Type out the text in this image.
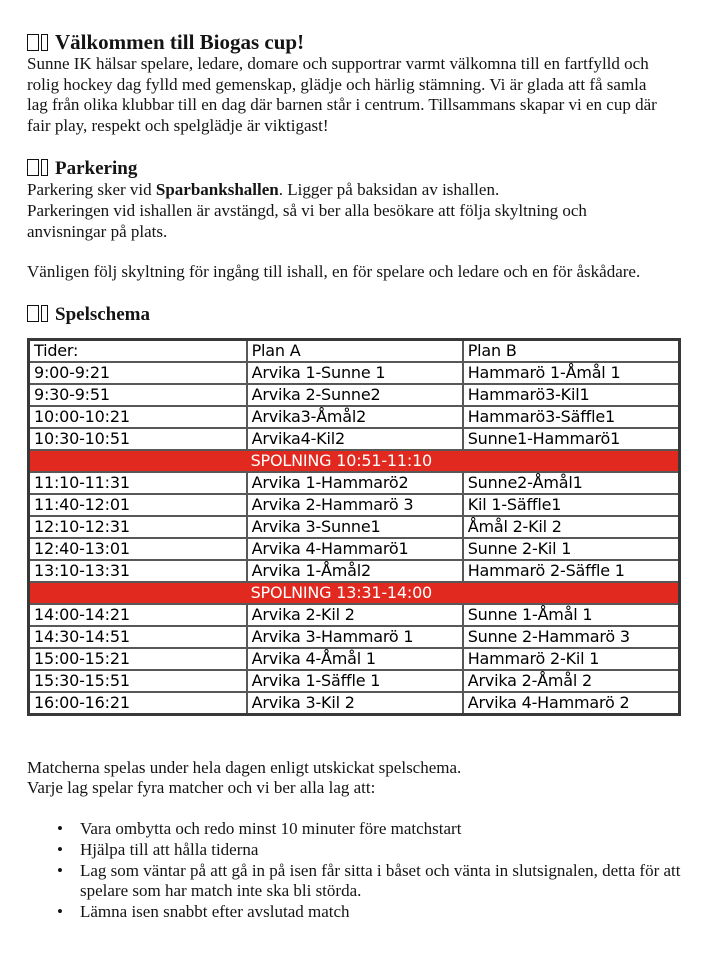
Välkommen till Biogas cup!
Sunne IK hälsar spelare, ledare, domare och supportrar varmt välkomna till en fartfylld och
rolig hockey dag fylld med gemenskap, glädje och härlig stämning. Vi är glada att få samla
lag från olika klubbar till en dag där barnen står i centrum. Tillsammans skapar vi en cup där
fair play, respekt och spelglädje är viktigast!
Parkering
Parkering sker vid Sparbankshallen. Ligger på baksidan av ishallen.
Parkeringen vid ishallen är avstängd, så vi ber alla besökare att följa skyltning och
anvisningar på plats.
Vänligen följ skyltning för ingång till ishall, en för spelare och ledare och en för åskådare.
Spelschema
Tider:	Plan A	Plan B
9:00-9:21	Arvika 1-Sunne 1	Hammarö 1-Åmål 1
9:30-9:51	Arvika 2-Sunne2	Hammarö3-Kil1
10:00-10:21	Arvika3-Åmål2	Hammarö3-Säffle1
10:30-10:51	Arvika4-Kil2	Sunne1-Hammarö1
	SPOLNING 10:51-11:10	
11:10-11:31	Arvika 1-Hammarö2	Sunne2-Åmål1
11:40-12:01	Arvika 2-Hammarö 3	Kil 1-Säffle1
12:10-12:31	Arvika 3-Sunne1	Åmål 2-Kil 2
12:40-13:01	Arvika 4-Hammarö1	Sunne 2-Kil 1
13:10-13:31	Arvika 1-Åmål2	Hammarö 2-Säffle 1
	SPOLNING 13:31-14:00	
14:00-14:21	Arvika 2-Kil 2	Sunne 1-Åmål 1
14:30-14:51	Arvika 3-Hammarö 1	Sunne 2-Hammarö 3
15:00-15:21	Arvika 4-Åmål 1	Hammarö 2-Kil 1
15:30-15:51	Arvika 1-Säffle 1	Arvika 2-Åmål 2
16:00-16:21	Arvika 3-Kil 2	Arvika 4-Hammarö 2
Matcherna spelas under hela dagen enligt utskickat spelschema.
Varje lag spelar fyra matcher och vi ber alla lag att:
• Vara ombytta och redo minst 10 minuter före matchstart
• Hjälpa till att hålla tiderna
• Lag som väntar på att gå in på isen får sitta i båset och vänta in slutsignalen, detta för att spelare som har match inte ska bli störda.
• Lämna isen snabbt efter avslutad match
